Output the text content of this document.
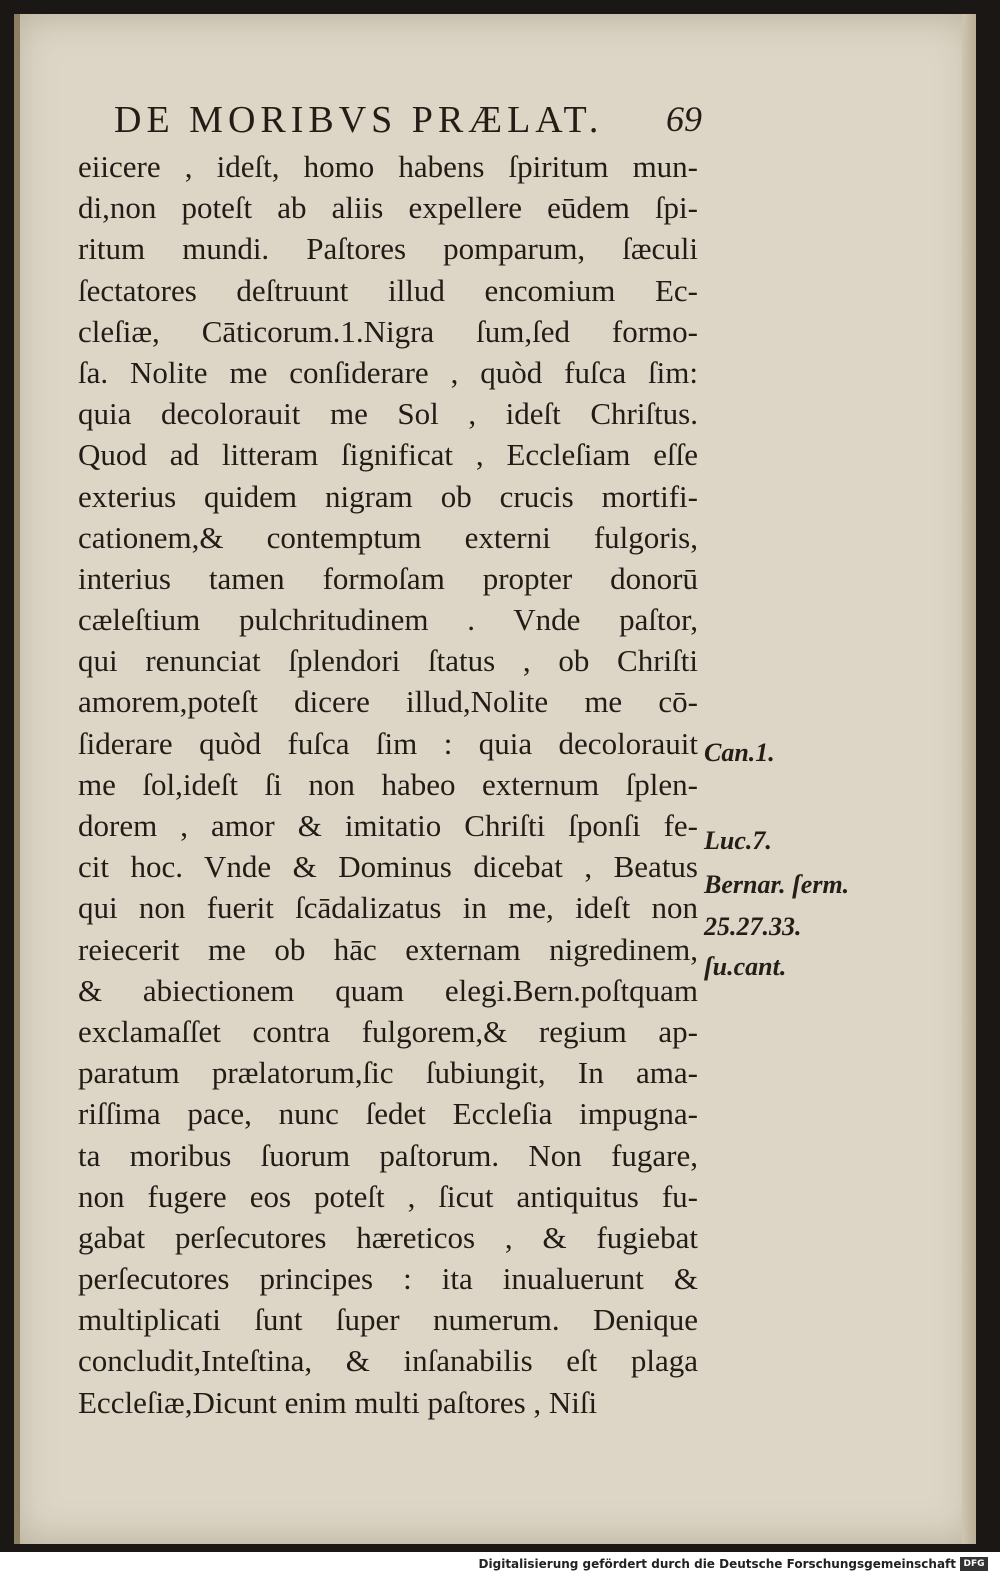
DE MORIBVS PRÆLAT.	69
eiicere , ideſt, homo habens ſpiritum mun-
di,non poteſt ab aliis expellere eūdem ſpi-
ritum mundi. Paſtores pomparum, ſæculi
ſectatores deſtruunt illud encomium Ec-
cleſiæ, Cāticorum.1.Nigra ſum,ſed formo-
ſa. Nolite me conſiderare , quòd fuſca ſim:
quia decolorauit me Sol , ideſt Chriſtus.
Quod ad litteram ſignificat , Eccleſiam eſſe
exterius quidem nigram ob crucis mortifi-
cationem,& contemptum externi fulgoris,
interius tamen formoſam propter donorū
cæleſtium pulchritudinem . Vnde paſtor,
qui renunciat ſplendori ſtatus , ob Chriſti
amorem,poteſt dicere illud,Nolite me cō-
ſiderare quòd fuſca ſim : quia decolorauit
me ſol,ideſt ſi non habeo externum ſplen-
dorem , amor & imitatio Chriſti ſponſi fe-
cit hoc. Vnde & Dominus dicebat , Beatus
qui non fuerit ſcādalizatus in me, ideſt non
reiecerit me ob hāc externam nigredinem,
& abiectionem quam elegi.Bern.poſtquam
exclamaſſet contra fulgorem,& regium ap-
paratum prælatorum,ſic ſubiungit, In ama-
riſſima pace, nunc ſedet Eccleſia impugna-
ta moribus ſuorum paſtorum. Non fugare,
non fugere eos poteſt , ſicut antiquitus fu-
gabat perſecutores hæreticos , & fugiebat
perſecutores principes : ita inualuerunt &
multiplicati ſunt ſuper numerum. Denique
concludit,Inteſtina, & inſanabilis eſt plaga
Eccleſiæ,Dicunt enim multi paſtores , Niſi
Can.1.
Luc.7.
Bernar. ſerm.
25.27.33.
ſu.cant.
Digitalisierung gefördert durch die Deutsche Forschungsgemeinschaft DFG
